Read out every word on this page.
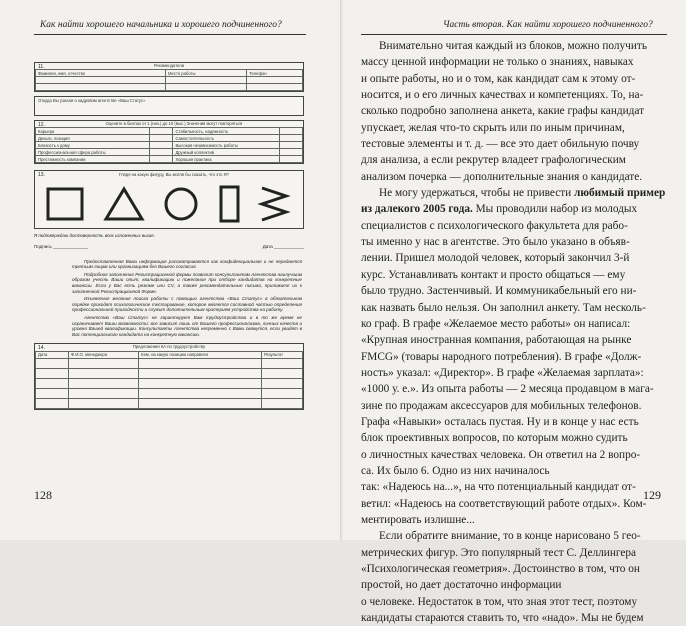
Как найти хорошего начальника и хорошего подчиненного?
11.	Рекомендатели
Фамилия, имя, отчество	Место работы	Телефон

Откуда Вы узнали о кадровом агентстве «Ваш Статус»
12.	Оцените в баллах от 1 (низ.) до 10 (выс.) Значения могут повторяться
Карьера		Стабильность, надежность	
Деньги, позиция		Самостоятельность	
Близость к дому		Высокая независимость работы	
Профессиональная сфера работы		Дружный коллектив	
Престижность компании		Хорошая практика	
13.	Глядя на какую фигуру, Вы могли бы сказать, что это Я?
Я подтверждаю достоверность всех изложенных выше.
Подпись ______________	Дата ____________

Предоставленная Вами информация рассматривается как конфиденциальная и не передается третьим лицам или организациям без Вашего согласия.

Подробное заполнение Регистрационной формы позволит консультантам Агентства наилучшим образом учесть Ваши опыт, квалификацию и пожелания при отборе кандидатов на конкретные вакансии. Если у Вас есть резюме или CV, а также рекомендательные письма, приложите их к заполненной Регистрационной Форме.

Изъявление желание поиска работы с помощью агентства «Ваш Статус» в обязательном порядке проходят психологическое тестирование, которое является составной частью определения профессиональной пригодности и служит дополнительным критерием устройства на работу.

Агентство «Ваш Статус» не гарантирует Вам трудоустройства и в то же время не ограничивает Ваши возможности: все зависит лишь от Вашего профессионализма, личных качеств и уровня Вашей квалификации. Консультанты Агентства непременно с Вами свяжутся, если увидят в Вас потенциального кандидата на конкретную вакансию.

14.	Предложения КА по трудоустройству
Дата	Ф.И.О. менеджера	Кем, на какую позицию направлен	Результат

128
Часть вторая. Как найти хорошего подчиненного?
Внимательно читая каждый из блоков, можно получить
массу ценной информации не только о знаниях, навыках
и опыте работы, но и о том, как кандидат сам к этому от-
носится, и о его личных качествах и компетенциях. То, на-
сколько подробно заполнена анкета, какие графы кандидат
упускает, желая что-то скрыть или по иным причинам,
тестовые элементы и т. д. — все это дает обильную почву
для анализа, а если рекрутер владеет графологическим
анализом почерка — дополнительные знания о кандидате.
Не могу удержаться, чтобы не привести любимый пример
из далекого 2005 года. Мы проводили набор из молодых
специалистов с психологического факультета для рабо-
ты именно у нас в агентстве. Это было указано в объяв-
лении. Пришел молодой человек, который закончил 3-й
курс. Устанавливать контакт и просто общаться — ему
было трудно. Застенчивый. И коммуникабельный его ни-
как назвать было нельзя. Он заполнил анкету. Там несколь-
ко граф. В графе «Желаемое место работы» он написал:
«Крупная иностранная компания, работающая на рынке
FMCG» (товары народного потребления). В графе «Долж-
ность» указал: «Директор». В графе «Желаемая зарплата»:
«1000 у. е.». Из опыта работы — 2 месяца продавцом в мага-
зине по продажам аксессуаров для мобильных телефонов.
Графа «Навыки» осталась пустая. Ну и в конце у нас есть
блок проективных вопросов, по которым можно судить
о личностных качествах человека. Он ответил на 2 вопро-
са. Их было 6. Одно из них начиналось
так: «Надеюсь на...», на что потенциальный кандидат от-
ветил: «Надеюсь на соответствующий работе отдых». Ком-
ментировать излишне...
Если обратите внимание, то в конце нарисовано 5 гео-
метрических фигур. Это популярный тест С. Деллингера
«Психологическая геометрия». Достоинство в том, что он
простой, но дает достаточно информации
о человеке. Недостаток в том, что зная этот тест, поэтому
кандидаты стараются ставить то, что «надо». Мы не будем
129
